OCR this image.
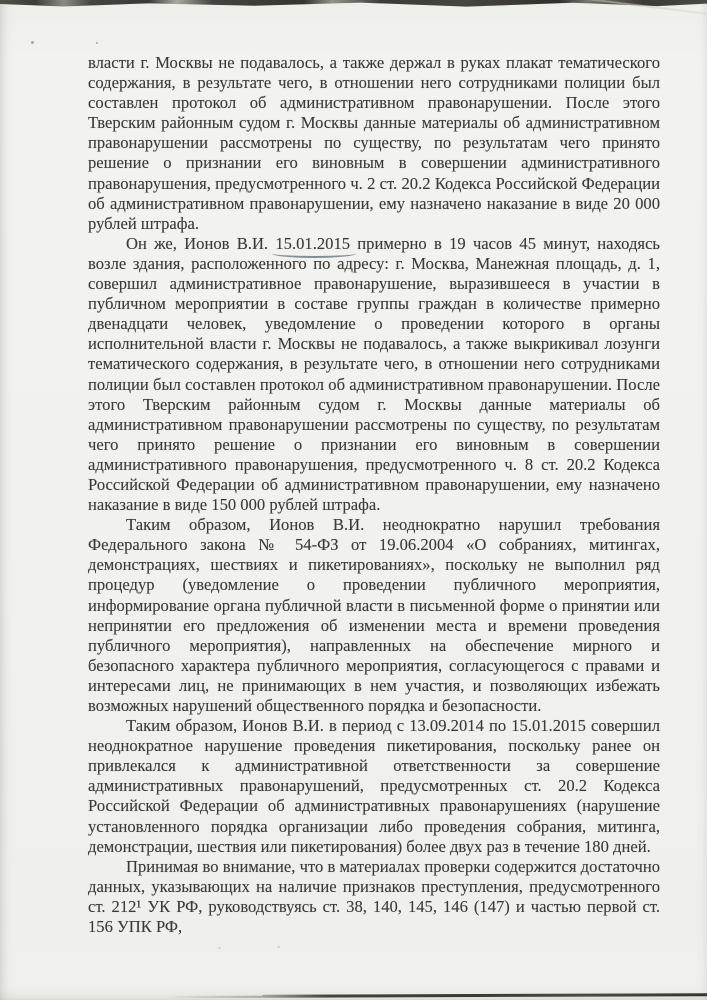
власти г. Москвы не подавалось, а также держал в руках плакат тематического содержания, в результате чего, в отношении него сотрудниками полиции был составлен протокол об административном правонарушении. После этого Тверским районным судом г. Москвы данные материалы об административном правонарушении рассмотрены по существу, по результатам чего принято решение о признании его виновным в совершении административного правонарушения, предусмотренного ч. 2 ст. 20.2 Кодекса Российской Федерации об административном правонарушении, ему назначено наказание в виде 20 000 рублей штрафа.

Он же, Ионов В.И. 15.01.2015 примерно в 19 часов 45 минут, находясь возле здания, расположенного по адресу: г. Москва, Манежная площадь, д. 1, совершил административное правонарушение, выразившееся в участии в публичном мероприятии в составе группы граждан в количестве примерно двенадцати человек, уведомление о проведении которого в органы исполнительной власти г. Москвы не подавалось, а также выкрикивал лозунги тематического содержания, в результате чего, в отношении него сотрудниками полиции был составлен протокол об административном правонарушении. После этого Тверским районным судом г. Москвы данные материалы об административном правонарушении рассмотрены по существу, по результатам чего принято решение о признании его виновным в совершении административного правонарушения, предусмотренного ч. 8 ст. 20.2 Кодекса Российской Федерации об административном правонарушении, ему назначено наказание в виде 150 000 рублей штрафа.

Таким образом, Ионов В.И. неоднократно нарушил требования Федерального закона № 54-ФЗ от 19.06.2004 «О собраниях, митингах, демонстрациях, шествиях и пикетированиях», поскольку не выполнил ряд процедур (уведомление о проведении публичного мероприятия, информирование органа публичной власти в письменной форме о принятии или непринятии его предложения об изменении места и времени проведения публичного мероприятия), направленных на обеспечение мирного и безопасного характера публичного мероприятия, согласующегося с правами и интересами лиц, не принимающих в нем участия, и позволяющих избежать возможных нарушений общественного порядка и безопасности.

Таким образом, Ионов В.И. в период с 13.09.2014 по 15.01.2015 совершил неоднократное нарушение проведения пикетирования, поскольку ранее он привлекался к административной ответственности за совершение административных правонарушений, предусмотренных ст. 20.2 Кодекса Российской Федерации об административных правонарушениях (нарушение установленного порядка организации либо проведения собрания, митинга, демонстрации, шествия или пикетирования) более двух раз в течение 180 дней.

Принимая во внимание, что в материалах проверки содержится достаточно данных, указывающих на наличие признаков преступления, предусмотренного ст. 212¹ УК РФ, руководствуясь ст. 38, 140, 145, 146 (147) и частью первой ст. 156 УПК РФ,
